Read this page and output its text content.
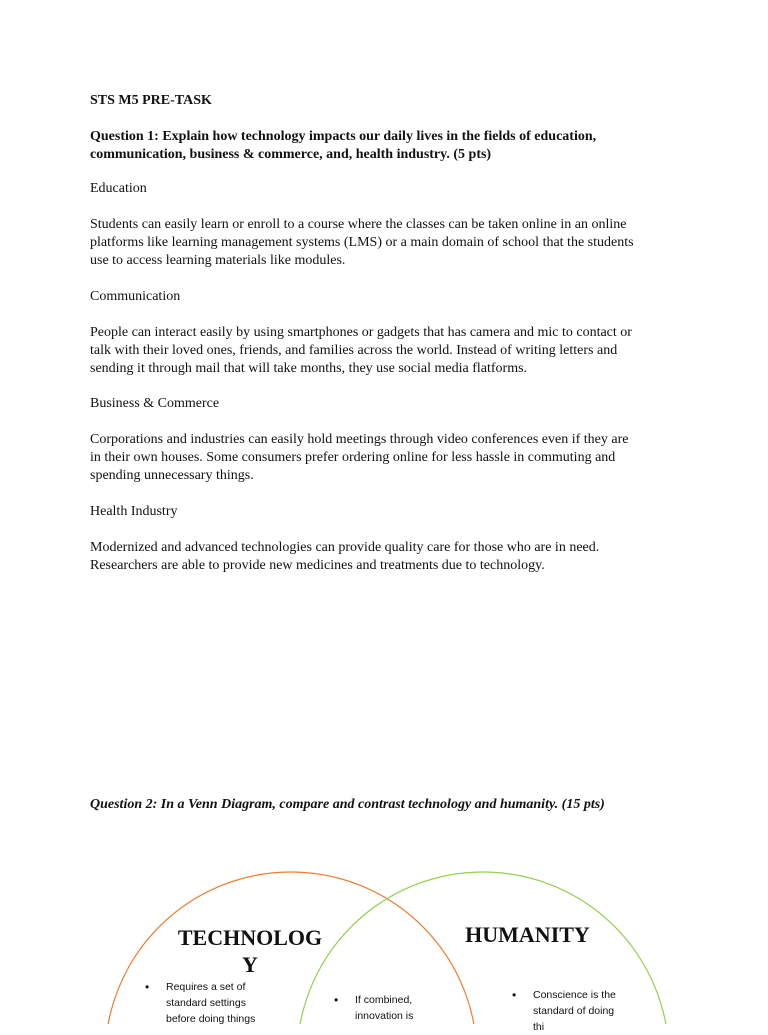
STS M5 PRE-TASK

Question 1: Explain how technology impacts our daily lives in the fields of education,

communication, business & commerce, and, health industry. (5 pts)

Education

Students can easily learn or enroll to a course where the classes can be taken online in an online

platforms like learning management systems (LMS) or a main domain of school that the students

use to access learning materials like modules.

Communication

People can interact easily by using smartphones or gadgets that has camera and mic to contact or

talk with their loved ones, friends, and families across the world. Instead of writing letters and

sending it through mail that will take months, they use social media flatforms.

Business & Commerce

Corporations and industries can easily hold meetings through video conferences even if they are

in their own houses. Some consumers prefer ordering online for less hassle in commuting and

spending unnecessary things.

Health Industry

Modernized and advanced technologies can provide quality care for those who are in need.

Researchers are able to provide new medicines and treatments due to technology.

Question 2: In a Venn Diagram, compare and contrast technology and humanity. (15 pts)

TECHNOLOG
Y
HUMANITY
• Requires a set of
standard settings
before doing things
• If combined,
innovation is
• Conscience is the
standard of doing
thi
